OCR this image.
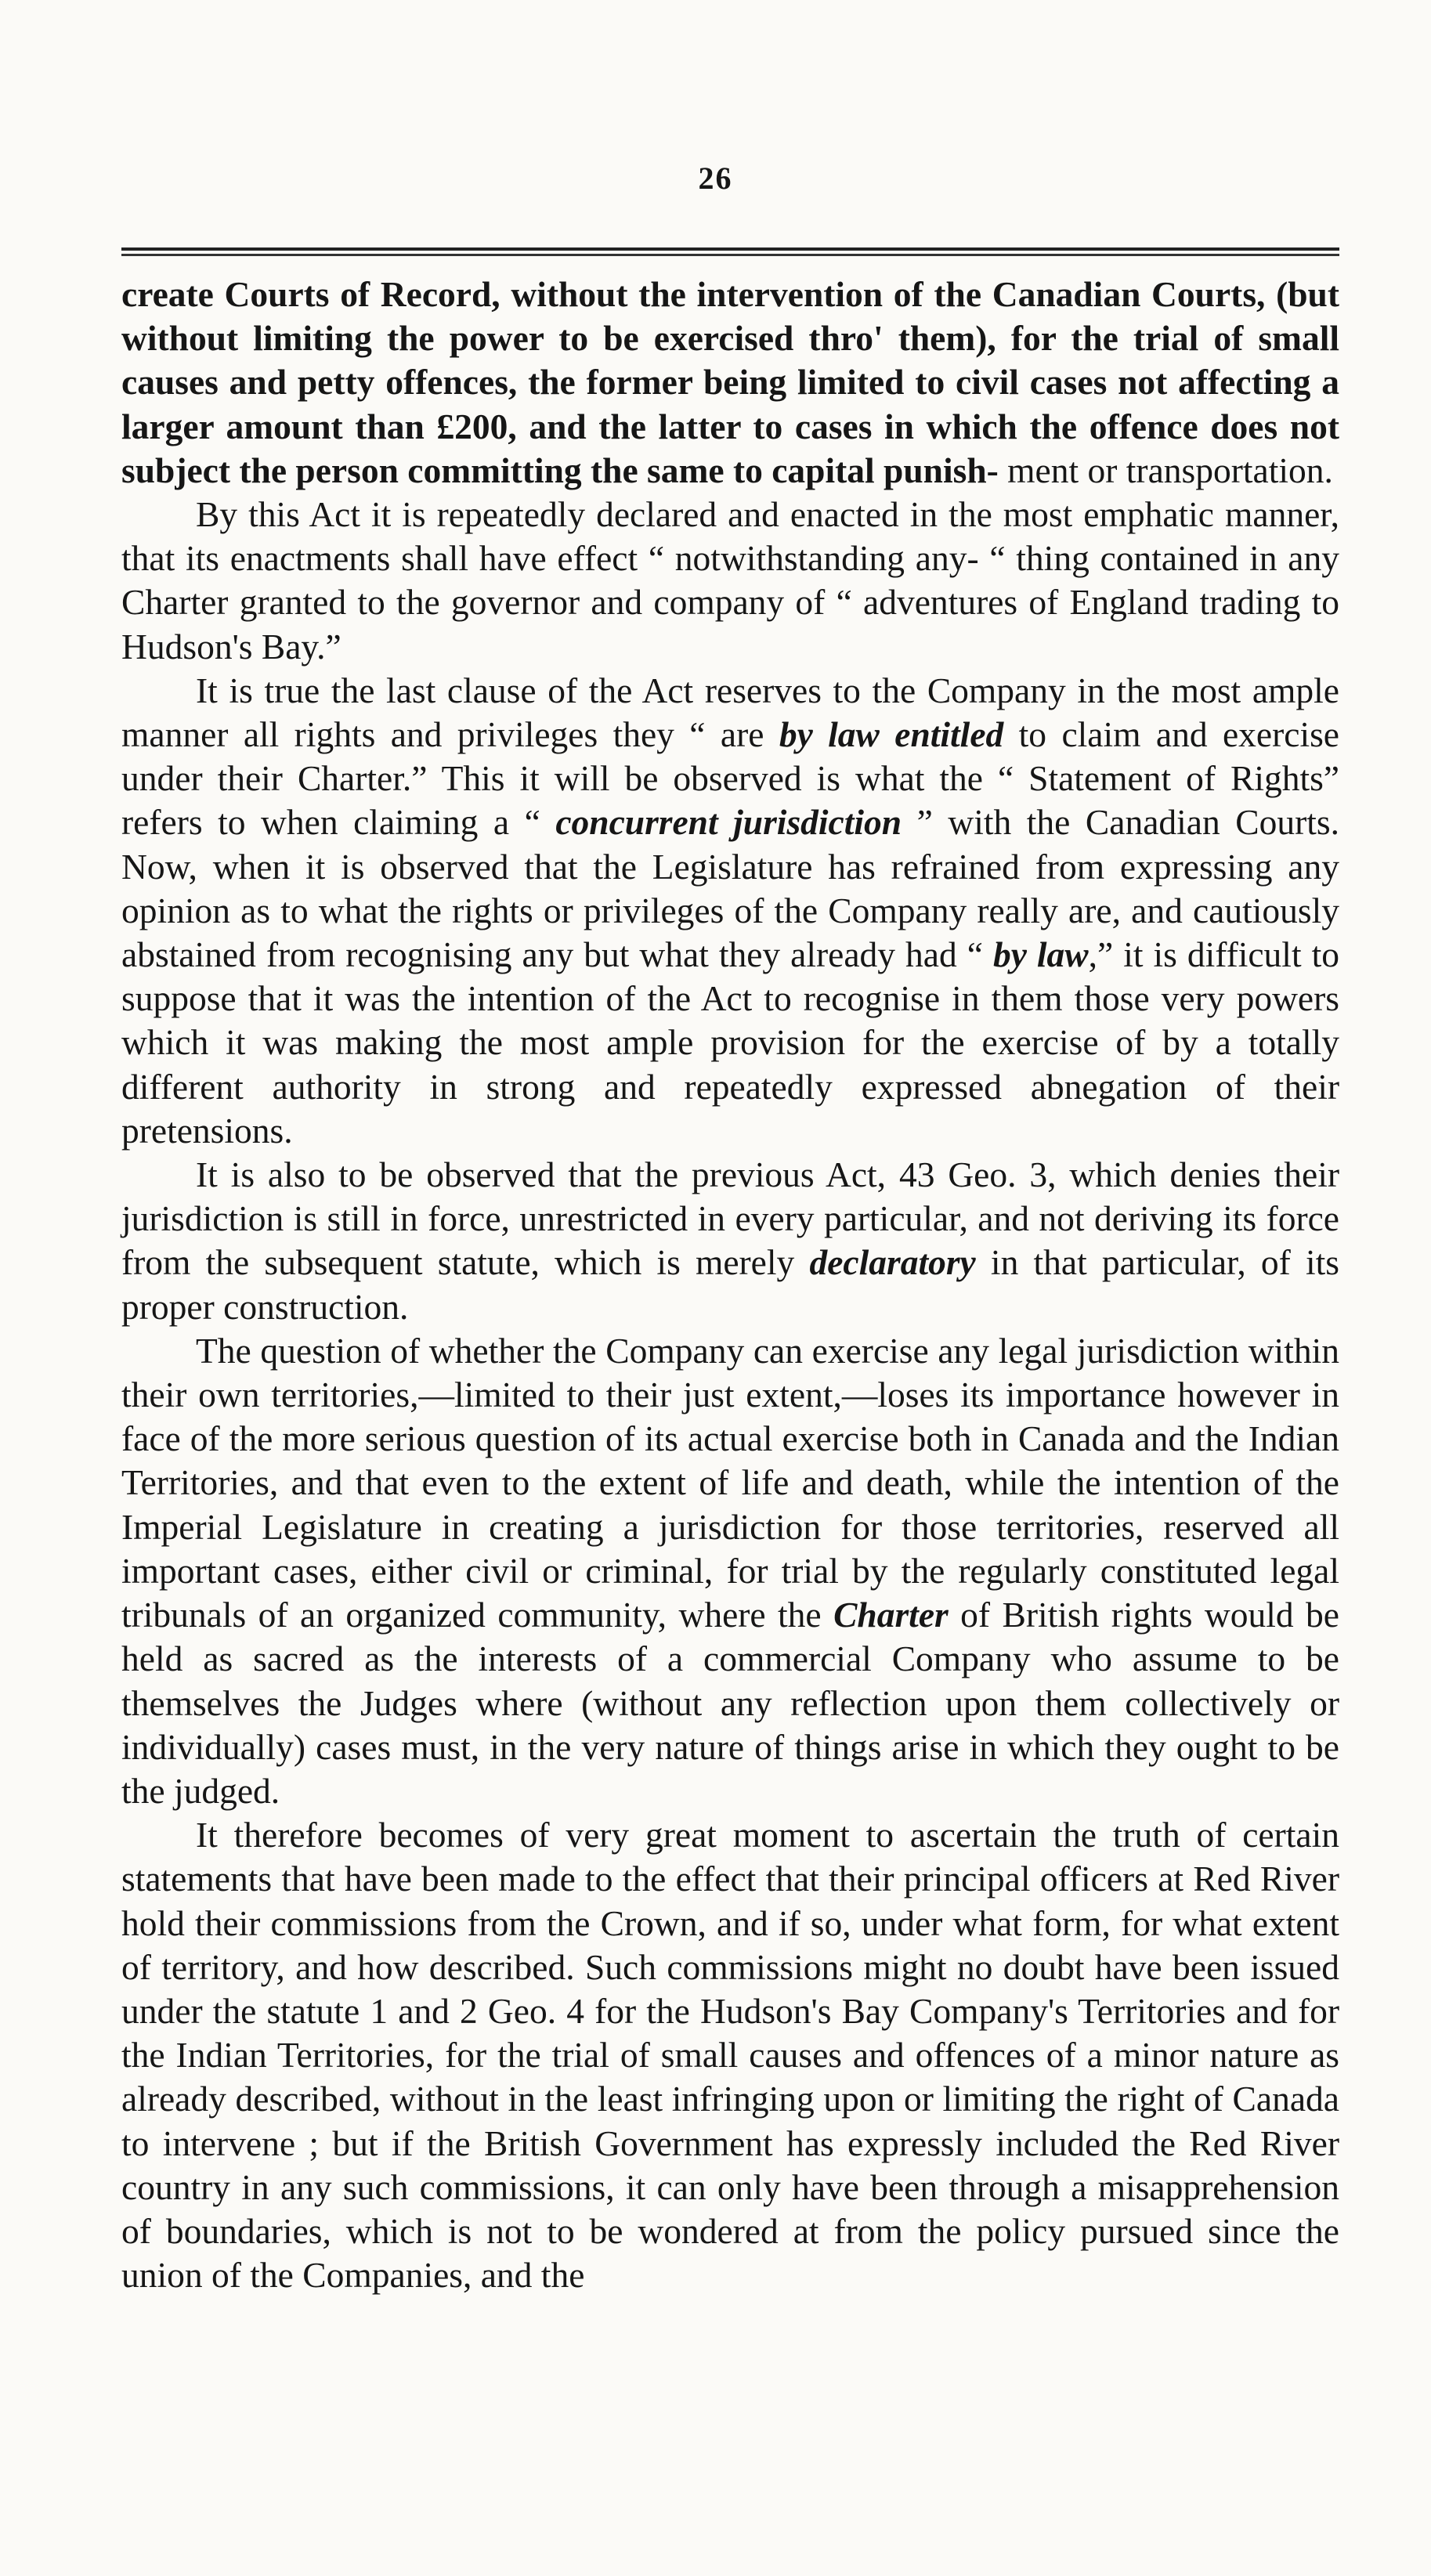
26

create Courts of Record, without the intervention of the Canadian Courts, (but without limiting the power to be exercised thro' them), for the trial of small causes and petty offences, the former being limited to civil cases not affecting a larger amount than £200, and the latter to cases in which the offence does not subject the person committing the same to capital punish- ment or transportation.

By this Act it is repeatedly declared and enacted in the most emphatic manner, that its enactments shall have effect “ notwithstanding any- “ thing contained in any Charter granted to the governor and company of “ adventures of England trading to Hudson's Bay.”

It is true the last clause of the Act reserves to the Company in the most ample manner all rights and privileges they “ are by law entitled to claim and exercise under their Charter.” This it will be observed is what the “ Statement of Rights” refers to when claiming a “ concurrent jurisdiction ” with the Canadian Courts. Now, when it is observed that the Legislature has refrained from expressing any opinion as to what the rights or privileges of the Company really are, and cautiously abstained from recognising any but what they already had “ by law,” it is difficult to suppose that it was the intention of the Act to recognise in them those very powers which it was making the most ample provision for the exercise of by a totally different authority in strong and repeatedly expressed abnegation of their pretensions.

It is also to be observed that the previous Act, 43 Geo. 3, which denies their jurisdiction is still in force, unrestricted in every particular, and not deriving its force from the subsequent statute, which is merely declaratory in that particular, of its proper construction.

The question of whether the Company can exercise any legal jurisdiction within their own territories,—limited to their just extent,—loses its importance however in face of the more serious question of its actual exercise both in Canada and the Indian Territories, and that even to the extent of life and death, while the intention of the Imperial Legislature in creating a jurisdiction for those territories, reserved all important cases, either civil or criminal, for trial by the regularly constituted legal tribunals of an organized community, where the Charter of British rights would be held as sacred as the interests of a commercial Company who assume to be themselves the Judges where (without any reflection upon them collectively or individually) cases must, in the very nature of things arise in which they ought to be the judged.

It therefore becomes of very great moment to ascertain the truth of certain statements that have been made to the effect that their principal officers at Red River hold their commissions from the Crown, and if so, under what form, for what extent of territory, and how described. Such commissions might no doubt have been issued under the statute 1 and 2 Geo. 4 for the Hudson's Bay Company's Territories and for the Indian Territories, for the trial of small causes and offences of a minor nature as already described, without in the least infringing upon or limiting the right of Canada to intervene ; but if the British Government has expressly included the Red River country in any such commissions, it can only have been through a misapprehension of boundaries, which is not to be wondered at from the policy pursued since the union of the Companies, and the
